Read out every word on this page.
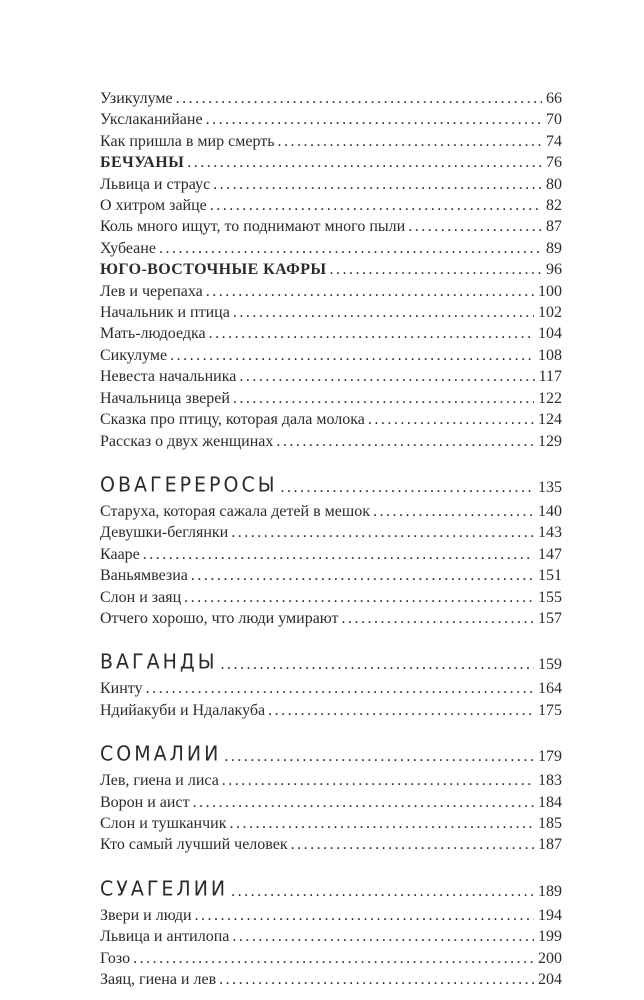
Узикулуме .....	66
Укслаканийане .....	70
Как пришла в мир смерть .....	74
БЕЧУАНЫ .....	76
Львица и страус .....	80
О хитром зайце .....	82
Коль много ищут, то поднимают много пыли .....	87
Хубеане .....	89
ЮГО-ВОСТОЧНЫЕ КАФРЫ .....	96
Лев и черепаха .....	100
Начальник и птица .....	102
Мать-людоедка .....	104
Сикулуме .....	108
Невеста начальника .....	117
Начальница зверей .....	122
Сказка про птицу, которая дала молока .....	124
Рассказ о двух женщинах .....	129
ОВАГЕРЕРОСЫ .....	135
Старуха, которая сажала детей в мешок .....	140
Девушки-беглянки .....	143
Кааре .....	147
Ваньямвезиа .....	151
Слон и заяц .....	155
Отчего хорошо, что люди умирают .....	157
ВАГАНДЫ .....	159
Кинту .....	164
Ндийакуби и Ндалакуба .....	175
СОМАЛИИ .....	179
Лев, гиена и лиса .....	183
Ворон и аист .....	184
Слон и тушканчик .....	185
Кто самый лучший человек .....	187
СУАГЕЛИИ .....	189
Звери и люди .....	194
Львица и антилопа .....	199
Гозо .....	200
Заяц, гиена и лев .....	204
